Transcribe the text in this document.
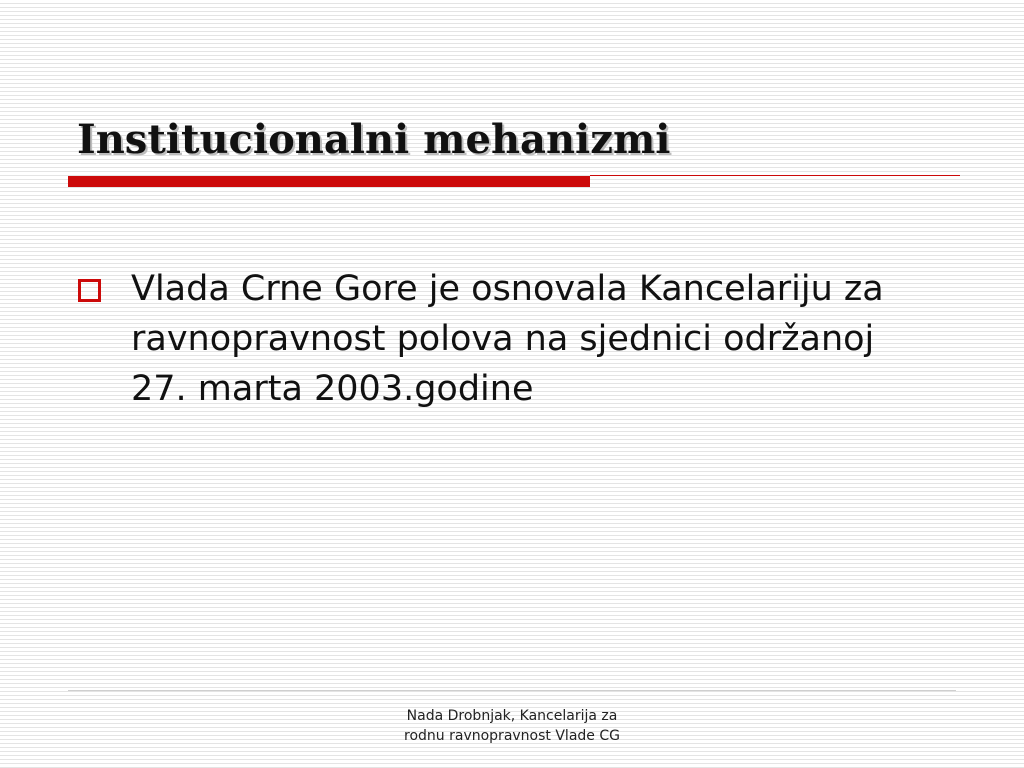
Institucionalni mehanizmi
Vlada Crne Gore je osnovala Kancelariju za ravnopravnost polova na sjednici održanoj 27. marta 2003.godine
Nada Drobnjak, Kancelarija za
rodnu ravnopravnost Vlade CG
